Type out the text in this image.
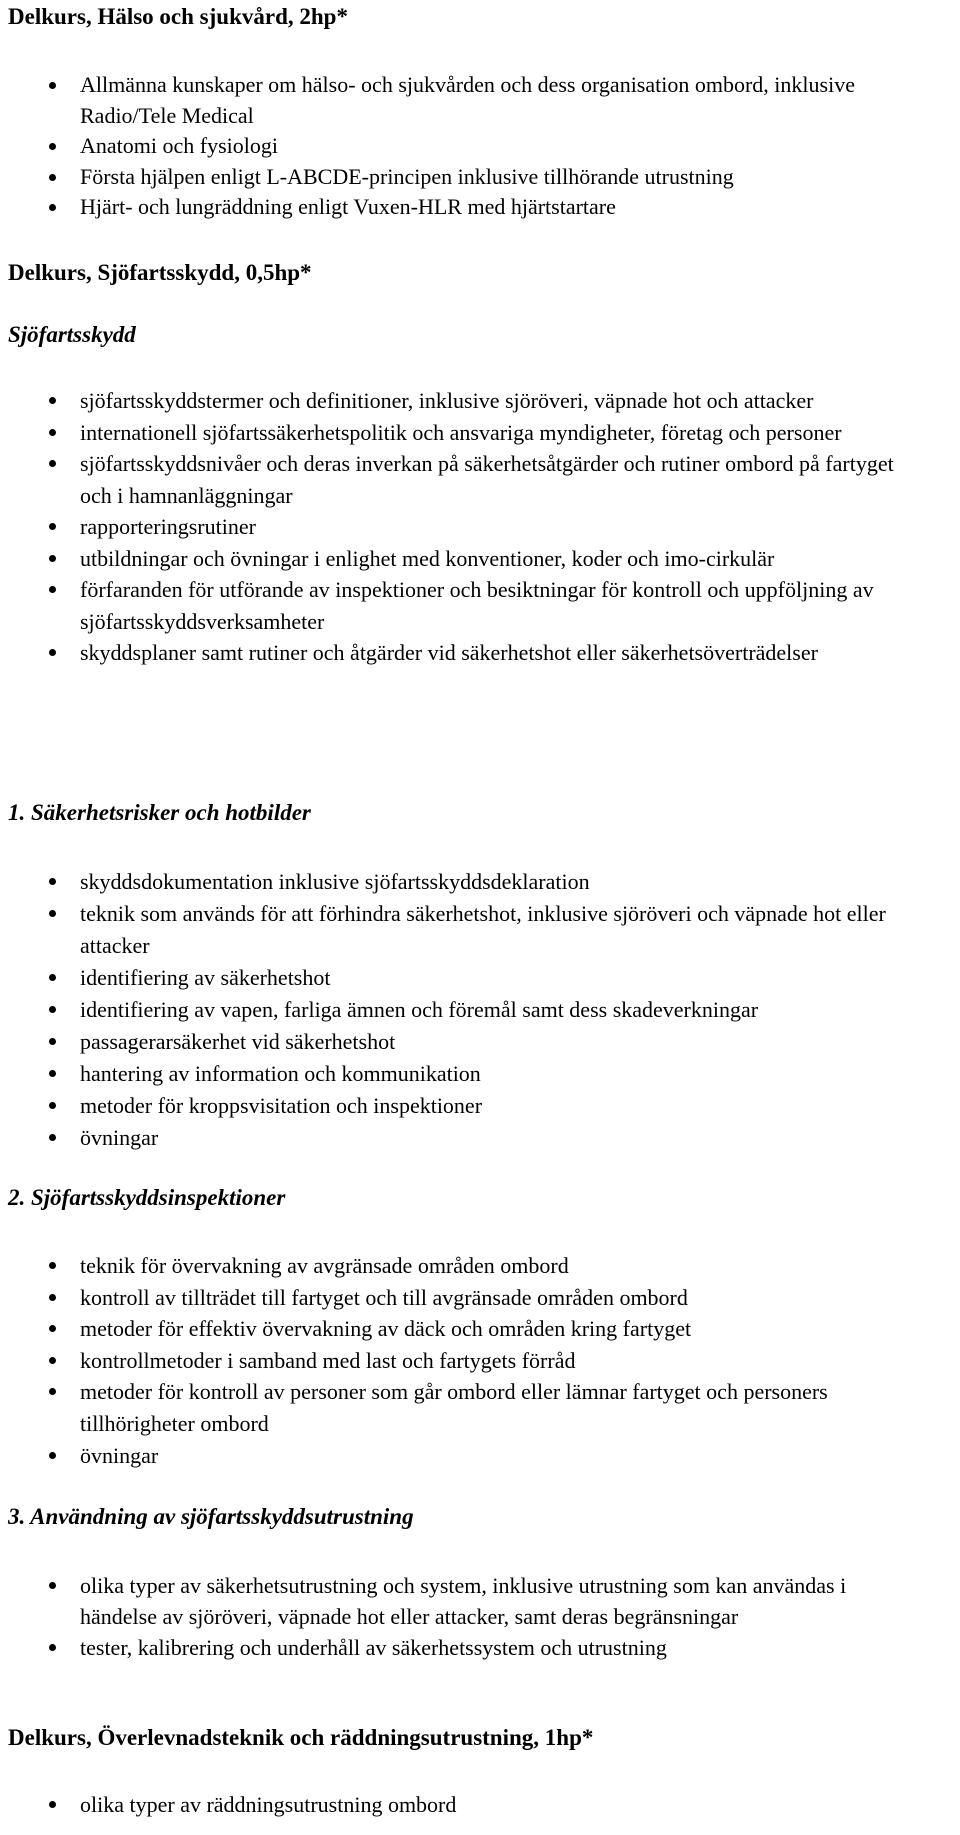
Delkurs, Hälso och sjukvård, 2hp*
Allmänna kunskaper om hälso- och sjukvården och dess organisation ombord, inklusive Radio/Tele Medical
Anatomi och fysiologi
Första hjälpen enligt L-ABCDE-principen inklusive tillhörande utrustning
Hjärt- och lungräddning enligt Vuxen-HLR med hjärtstartare
Delkurs, Sjöfartsskydd, 0,5hp*
Sjöfartsskydd
sjöfartsskyddstermer och definitioner, inklusive sjöröveri, väpnade hot och attacker
internationell sjöfartssäkerhetspolitik och ansvariga myndigheter, företag och personer
sjöfartsskyddsnivåer och deras inverkan på säkerhetsåtgärder och rutiner ombord på fartyget och i hamnanläggningar
rapporteringsrutiner
utbildningar och övningar i enlighet med konventioner, koder och imo-cirkulär
förfaranden för utförande av inspektioner och besiktningar för kontroll och uppföljning av sjöfartsskyddsverksamheter
skyddsplaner samt rutiner och åtgärder vid säkerhetshot eller säkerhetsöverträdelser
1. Säkerhetsrisker och hotbilder
skyddsdokumentation inklusive sjöfartsskyddsdeklaration
teknik som används för att förhindra säkerhetshot, inklusive sjöröveri och väpnade hot eller attacker
identifiering av säkerhetshot
identifiering av vapen, farliga ämnen och föremål samt dess skadeverkningar
passagerarsäkerhet vid säkerhetshot
hantering av information och kommunikation
metoder för kroppsvisitation och inspektioner
övningar
2. Sjöfartsskyddsinspektioner
teknik för övervakning av avgränsade områden ombord
kontroll av tillträdet till fartyget och till avgränsade områden ombord
metoder för effektiv övervakning av däck och områden kring fartyget
kontrollmetoder i samband med last och fartygets förråd
metoder för kontroll av personer som går ombord eller lämnar fartyget och personers tillhörigheter ombord
övningar
3. Användning av sjöfartsskyddsutrustning
olika typer av säkerhetsutrustning och system, inklusive utrustning som kan användas i händelse av sjöröveri, väpnade hot eller attacker, samt deras begränsningar
tester, kalibrering och underhåll av säkerhetssystem och utrustning
Delkurs, Överlevnadsteknik och räddningsutrustning, 1hp*
olika typer av räddningsutrustning ombord
